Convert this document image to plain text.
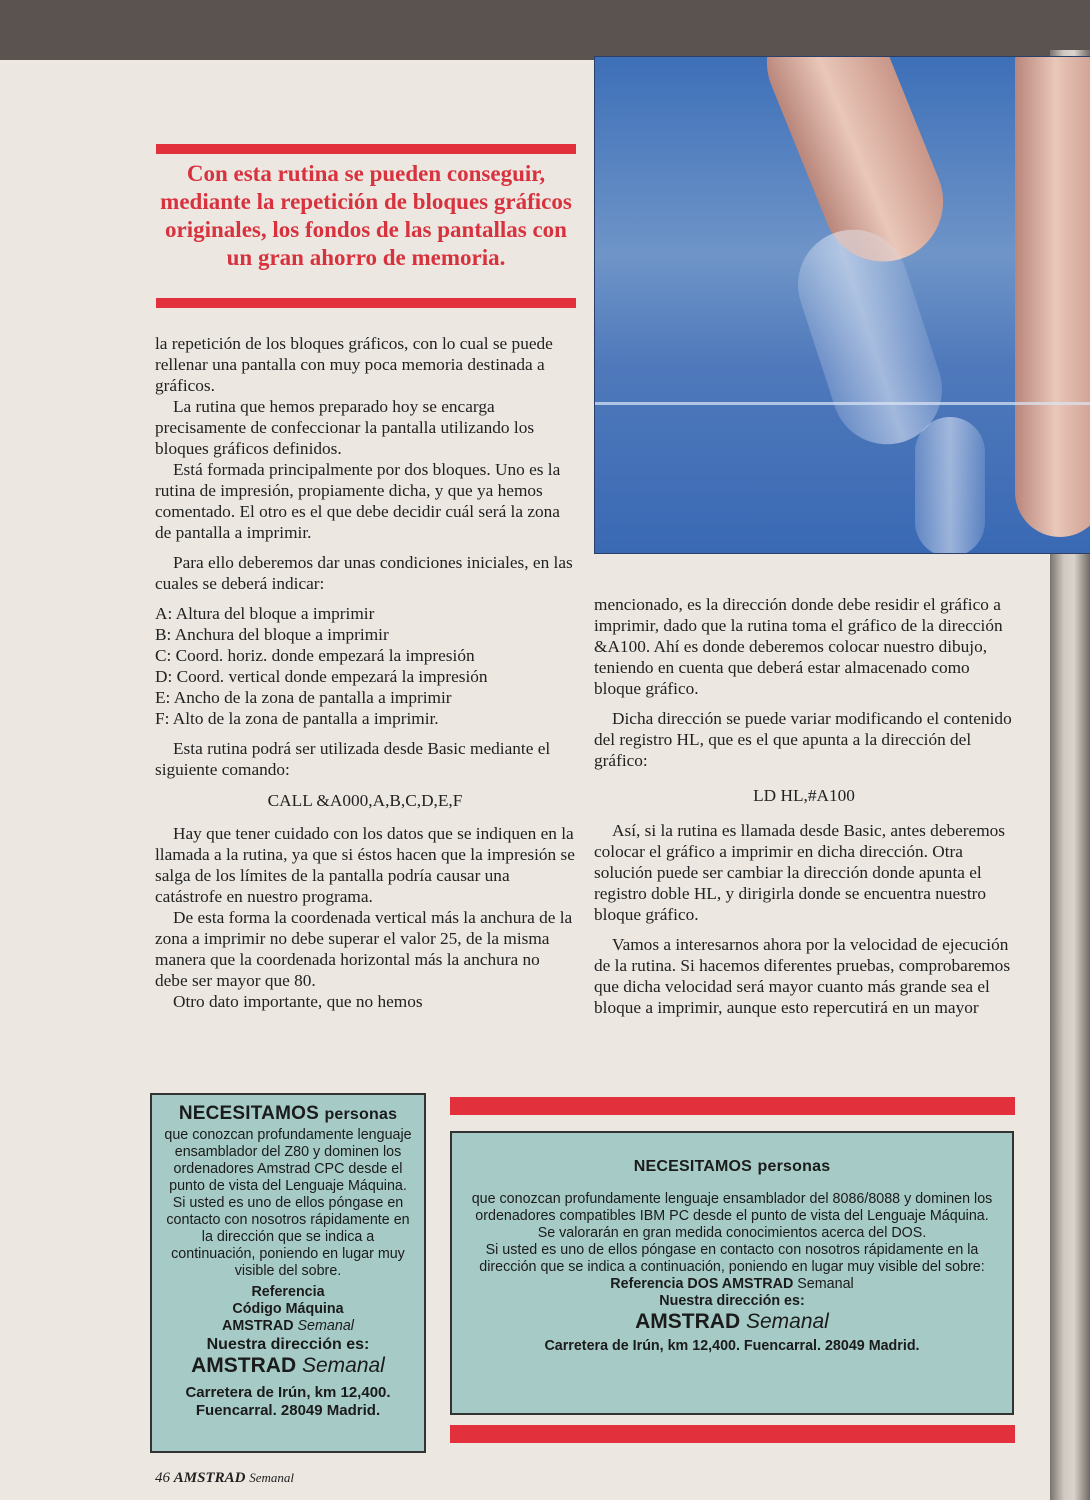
Con esta rutina se pueden conseguir, mediante la repetición de bloques gráficos originales, los fondos de las pantallas con un gran ahorro de memoria.

la repetición de los bloques gráficos, con lo cual se puede rellenar una pantalla con muy poca memoria destinada a gráficos.

La rutina que hemos preparado hoy se encarga precisamente de confeccionar la pantalla utilizando los bloques gráficos definidos.

Está formada principalmente por dos bloques. Uno es la rutina de impresión, propiamente dicha, y que ya hemos comentado. El otro es el que debe decidir cuál será la zona de pantalla a imprimir.

Para ello deberemos dar unas condiciones iniciales, en las cuales se deberá indicar:

A: Altura del bloque a imprimir

B: Anchura del bloque a imprimir

C: Coord. horiz. donde empezará la impresión

D: Coord. vertical donde empezará la impresión

E: Ancho de la zona de pantalla a imprimir

F: Alto de la zona de pantalla a imprimir.

Esta rutina podrá ser utilizada desde Basic mediante el siguiente comando:

CALL &A000,A,B,C,D,E,F

Hay que tener cuidado con los datos que se indiquen en la llamada a la rutina, ya que si éstos hacen que la impresión se salga de los límites de la pantalla podría causar una catástrofe en nuestro programa.

De esta forma la coordenada vertical más la anchura de la zona a imprimir no debe superar el valor 25, de la misma manera que la coordenada horizontal más la anchura no debe ser mayor que 80.

Otro dato importante, que no hemos

mencionado, es la dirección donde debe residir el gráfico a imprimir, dado que la rutina toma el gráfico de la dirección &A100. Ahí es donde deberemos colocar nuestro dibujo, teniendo en cuenta que deberá estar almacenado como bloque gráfico.

Dicha dirección se puede variar modificando el contenido del registro HL, que es el que apunta a la dirección del gráfico:

LD HL,#A100

Así, si la rutina es llamada desde Basic, antes deberemos colocar el gráfico a imprimir en dicha dirección. Otra solución puede ser cambiar la dirección donde apunta el registro doble HL, y dirigirla donde se encuentra nuestro bloque gráfico.

Vamos a interesarnos ahora por la velocidad de ejecución de la rutina. Si hacemos diferentes pruebas, comprobaremos que dicha velocidad será mayor cuanto más grande sea el bloque a imprimir, aunque esto repercutirá en un mayor

NECESITAMOS personas
que conozcan profundamente lenguaje ensamblador del Z80 y dominen los ordenadores Amstrad CPC desde el punto de vista del Lenguaje Máquina. Si usted es uno de ellos póngase en contacto con nosotros rápidamente en la dirección que se indica a continuación, poniendo en lugar muy visible del sobre.
Referencia
Código Máquina
AMSTRAD Semanal
Nuestra dirección es:
AMSTRAD Semanal
Carretera de Irún, km 12,400. Fuencarral. 28049 Madrid.
NECESITAMOS personas
que conozcan profundamente lenguaje ensamblador del 8086/8088 y dominen los ordenadores compatibles IBM PC desde el punto de vista del Lenguaje Máquina. Se valorarán en gran medida conocimientos acerca del DOS.
Si usted es uno de ellos póngase en contacto con nosotros rápidamente en la dirección que se indica a continuación, poniendo en lugar muy visible del sobre:
Referencia DOS AMSTRAD Semanal
Nuestra dirección es:
AMSTRAD Semanal
Carretera de Irún, km 12,400. Fuencarral. 28049 Madrid.
46 AMSTRAD Semanal
